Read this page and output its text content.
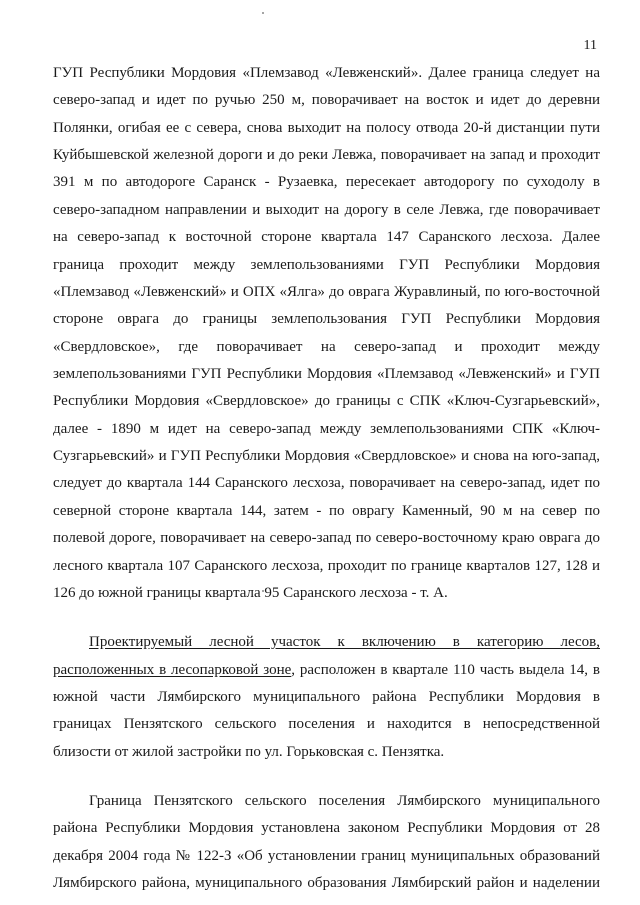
11
ГУП Республики Мордовия «Племзавод «Левженский». Далее граница следует на
северо-запад и идет по ручью 250 м, поворачивает на восток и идет до деревни
Полянки, огибая ее с севера, снова выходит на полосу отвода 20-й дистанции пути
Куйбышевской железной дороги и до реки Левжа, поворачивает на запад и проходит
391 м по автодороге Саранск - Рузаевка, пересекает автодорогу по суходолу в
северо-западном направлении и выходит на дорогу в селе Левжа, где поворачивает
на северо-запад к восточной стороне квартала 147 Саранского лесхоза. Далее
граница проходит между землепользованиями ГУП Республики Мордовия
«Племзавод «Левженский» и ОПХ «Ялга» до оврага Журавлиный, по юго-восточной
стороне оврага до границы землепользования ГУП Республики Мордовия
«Свердловское», где поворачивает на северо-запад и проходит между
землепользованиями ГУП Республики Мордовия «Племзавод «Левженский» и ГУП
Республики Мордовия «Свердловское» до границы с СПК «Ключ-Сузгарьевский»,
далее - 1890 м идет на северо-запад между землепользованиями СПК «Ключ-
Сузгарьевский» и ГУП Республики Мордовия «Свердловское» и снова на юго-запад,
следует до квартала 144 Саранского лесхоза, поворачивает на северо-запад, идет по
северной стороне квартала 144, затем - по оврагу Каменный, 90 м на север по
полевой дороге, поворачивает на северо-запад по северо-восточному краю оврага до
лесного квартала 107 Саранского лесхоза, проходит по границе кварталов 127, 128 и
126 до южной границы квартала 95 Саранского лесхоза - т. А.
Проектируемый лесной участок к включению в категорию лесов,
расположенных в лесопарковой зоне, расположен в квартале 110 часть выдела 14, в
южной части Лямбирского муниципального района Республики Мордовия в
границах Пензятского сельского поселения и находится в непосредственной
близости от жилой застройки по ул. Горьковская с. Пензятка.
Граница Пензятского сельского поселения Лямбирского муниципального
района Республики Мордовия установлена законом Республики Мордовия от 28
декабря 2004 года № 122-З «Об установлении границ муниципальных образований
Лямбирского района, муниципального образования Лямбирский район и наделении
